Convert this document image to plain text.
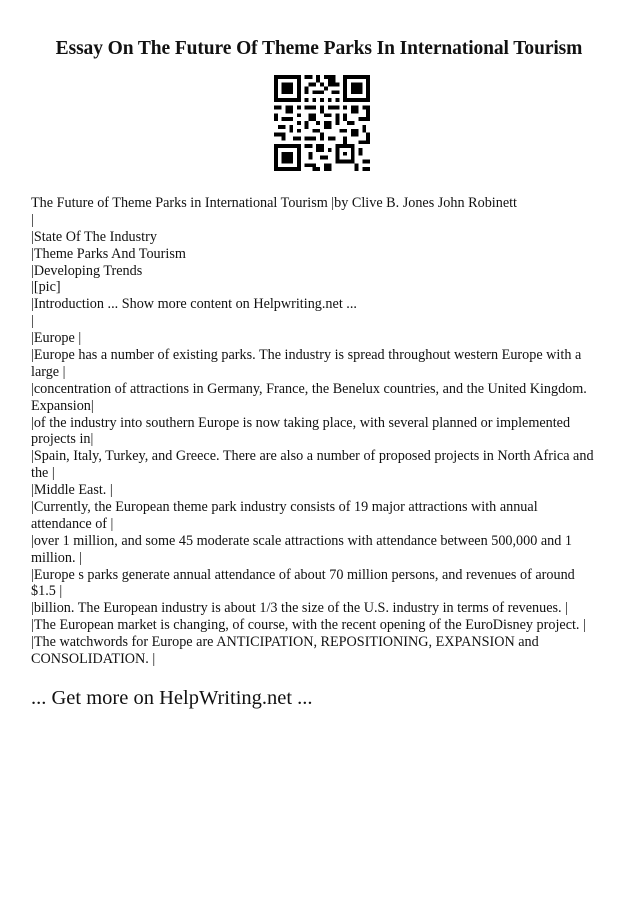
Essay On The Future Of Theme Parks In International Tourism
The Future of Theme Parks in International Tourism |by Clive B. Jones John Robinett
|
|State Of The Industry
|Theme Parks And Tourism
|Developing Trends
|[pic]
|Introduction ... Show more content on Helpwriting.net ...
|
|Europe |
|Europe has a number of existing parks. The industry is spread throughout western Europe with a
large |
|concentration of attractions in Germany, France, the Benelux countries, and the United Kingdom.
Expansion|
|of the industry into southern Europe is now taking place, with several planned or implemented
projects in|
|Spain, Italy, Turkey, and Greece. There are also a number of proposed projects in North Africa and
the |
|Middle East. |
|Currently, the European theme park industry consists of 19 major attractions with annual
attendance of |
|over 1 million, and some 45 moderate scale attractions with attendance between 500,000 and 1
million. |
|Europe s parks generate annual attendance of about 70 million persons, and revenues of around
$1.5 |
|billion. The European industry is about 1/3 the size of the U.S. industry in terms of revenues. |
|The European market is changing, of course, with the recent opening of the EuroDisney project. |
|The watchwords for Europe are ANTICIPATION, REPOSITIONING, EXPANSION and
CONSOLIDATION. |
... Get more on HelpWriting.net ...
